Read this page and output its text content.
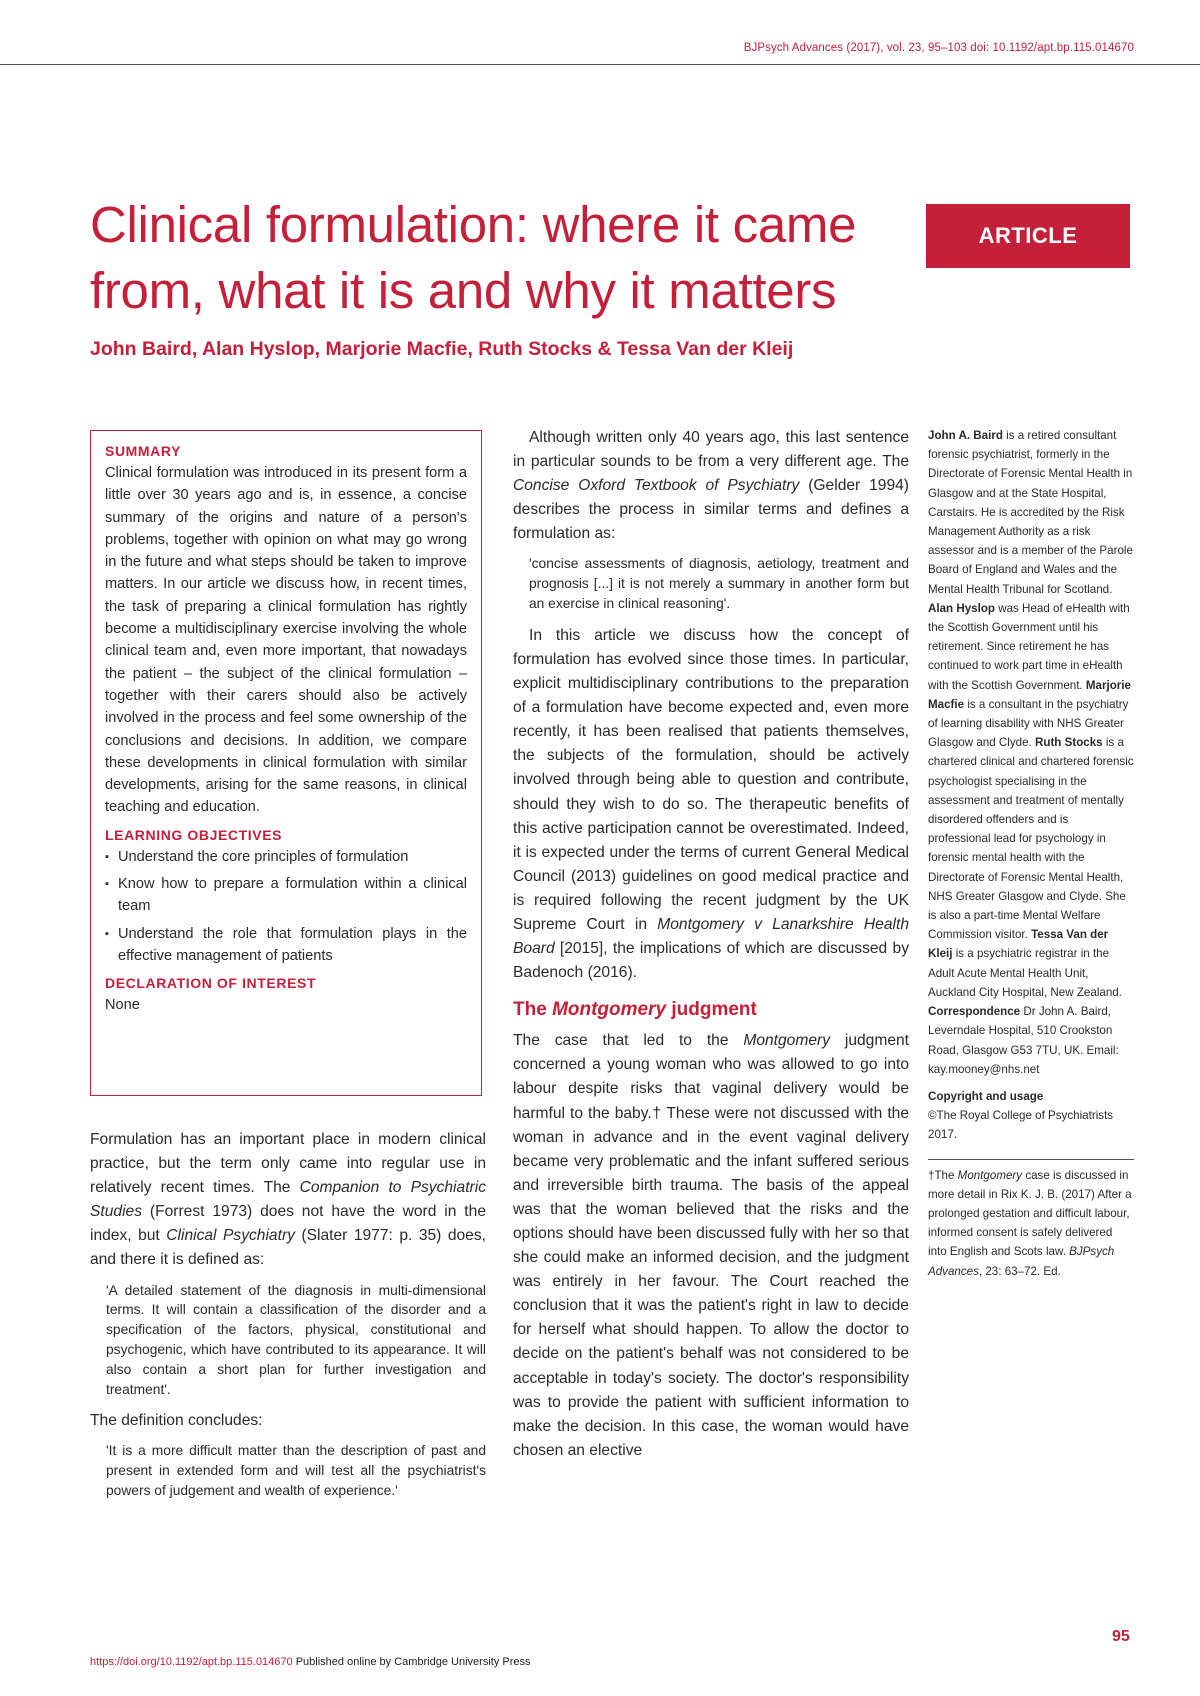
BJPsych Advances (2017), vol. 23, 95–103 doi: 10.1192/apt.bp.115.014670
Clinical formulation: where it came from, what it is and why it matters
ARTICLE
John Baird, Alan Hyslop, Marjorie Macfie, Ruth Stocks & Tessa Van der Kleij
SUMMARY

Clinical formulation was introduced in its present form a little over 30 years ago and is, in essence, a concise summary of the origins and nature of a person's problems, together with opinion on what may go wrong in the future and what steps should be taken to improve matters. In our article we discuss how, in recent times, the task of preparing a clinical formulation has rightly become a multidisciplinary exercise involving the whole clinical team and, even more important, that nowadays the patient – the subject of the clinical formulation – together with their carers should also be actively involved in the process and feel some ownership of the conclusions and decisions. In addition, we compare these developments in clinical formulation with similar developments, arising for the same reasons, in clinical teaching and education.

LEARNING OBJECTIVES
▪ Understand the core principles of formulation
▪ Know how to prepare a formulation within a clinical team
▪ Understand the role that formulation plays in the effective management of patients
DECLARATION OF INTEREST

None

Formulation has an important place in modern clinical practice, but the term only came into regular use in relatively recent times. The Companion to Psychiatric Studies (Forrest 1973) does not have the word in the index, but Clinical Psychiatry (Slater 1977: p. 35) does, and there it is defined as:

'A detailed statement of the diagnosis in multi-dimensional terms. It will contain a classification of the disorder and a specification of the factors, physical, constitutional and psychogenic, which have contributed to its appearance. It will also contain a short plan for further investigation and treatment'.

The definition concludes:

'It is a more difficult matter than the description of past and present in extended form and will test all the psychiatrist's powers of judgement and wealth of experience.'

Although written only 40 years ago, this last sentence in particular sounds to be from a very different age. The Concise Oxford Textbook of Psychiatry (Gelder 1994) describes the process in similar terms and defines a formulation as:

'concise assessments of diagnosis, aetiology, treatment and prognosis [...] it is not merely a summary in another form but an exercise in clinical reasoning'.

In this article we discuss how the concept of formulation has evolved since those times. In particular, explicit multidisciplinary contributions to the preparation of a formulation have become expected and, even more recently, it has been realised that patients themselves, the subjects of the formulation, should be actively involved through being able to question and contribute, should they wish to do so. The therapeutic benefits of this active participation cannot be overestimated. Indeed, it is expected under the terms of current General Medical Council (2013) guidelines on good medical practice and is required following the recent judgment by the UK Supreme Court in Montgomery v Lanarkshire Health Board [2015], the implications of which are discussed by Badenoch (2016).

The Montgomery judgment

The case that led to the Montgomery judgment concerned a young woman who was allowed to go into labour despite risks that vaginal delivery would be harmful to the baby.† These were not discussed with the woman in advance and in the event vaginal delivery became very problematic and the infant suffered serious and irreversible birth trauma. The basis of the appeal was that the woman believed that the risks and the options should have been discussed fully with her so that she could make an informed decision, and the judgment was entirely in her favour. The Court reached the conclusion that it was the patient's right in law to decide for herself what should happen. To allow the doctor to decide on the patient's behalf was not considered to be acceptable in today's society. The doctor's responsibility was to provide the patient with sufficient information to make the decision. In this case, the woman would have chosen an elective

John A. Baird is a retired consultant forensic psychiatrist, formerly in the Directorate of Forensic Mental Health in Glasgow and at the State Hospital, Carstairs. He is accredited by the Risk Management Authority as a risk assessor and is a member of the Parole Board of England and Wales and the Mental Health Tribunal for Scotland. Alan Hyslop was Head of eHealth with the Scottish Government until his retirement. Since retirement he has continued to work part time in eHealth with the Scottish Government. Marjorie Macfie is a consultant in the psychiatry of learning disability with NHS Greater Glasgow and Clyde. Ruth Stocks is a chartered clinical and chartered forensic psychologist specialising in the assessment and treatment of mentally disordered offenders and is professional lead for psychology in forensic mental health with the Directorate of Forensic Mental Health, NHS Greater Glasgow and Clyde. She is also a part-time Mental Welfare Commission visitor. Tessa Van der Kleij is a psychiatric registrar in the Adult Acute Mental Health Unit, Auckland City Hospital, New Zealand.

Correspondence Dr John A. Baird, Leverndale Hospital, 510 Crookston Road, Glasgow G53 7TU, UK. Email: kay.mooney@nhs.net

Copyright and usage

©The Royal College of Psychiatrists 2017.

†The Montgomery case is discussed in more detail in Rix K. J. B. (2017) After a prolonged gestation and difficult labour, informed consent is safely delivered into English and Scots law. BJPsych Advances, 23: 63–72. Ed.

95
https://doi.org/10.1192/apt.bp.115.014670 Published online by Cambridge University Press
